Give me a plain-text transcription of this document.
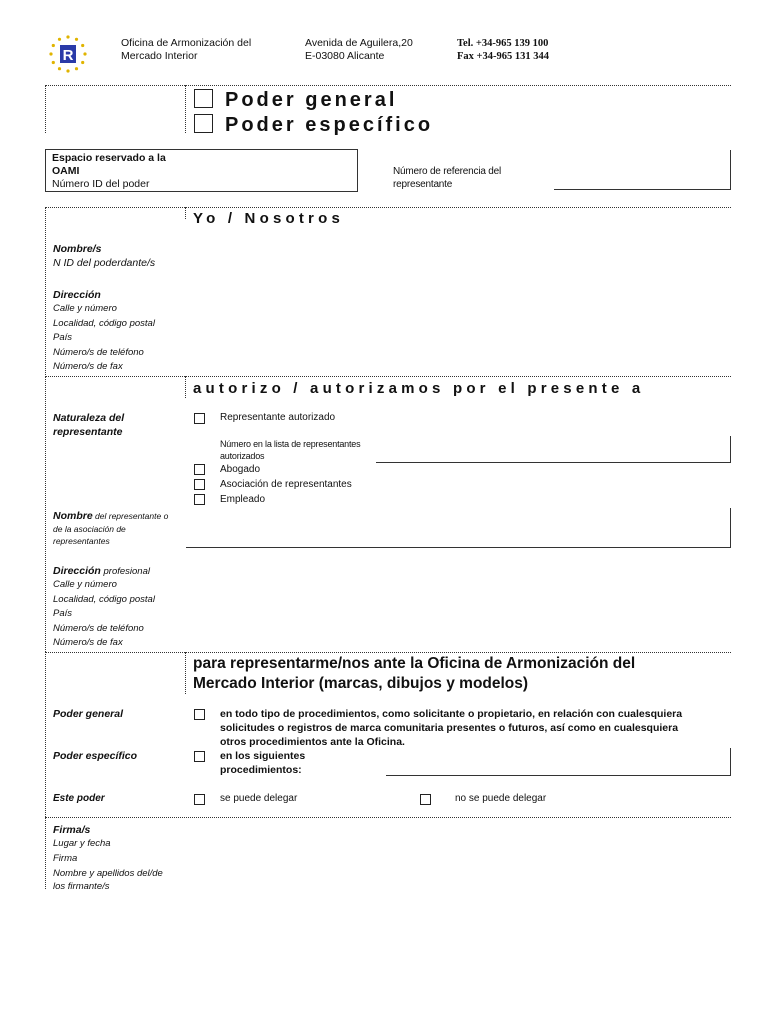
R
Oficina de Armonización del
Mercado Interior
Avenida de Aguilera,20
E-03080 Alicante
Tel. +34-965 139 100
Fax +34-965 131 344
Poder general
Poder específico
Espacio reservado a la
OAMI
Número ID del poder
Número de referencia del
representante
Yo / Nosotros
Nombre/s
N ID del poderdante/s
Dirección
Calle y número
Localidad, código postal
País
Número/s de teléfono
Número/s de fax
autorizo / autorizamos por el presente a
Naturaleza del
representante
Representante autorizado
Número en la lista de representantes
autorizados
Abogado
Asociación de representantes
Empleado
Nombre del representante o
de la asociación de
representantes
Dirección profesional
Calle y número
Localidad, código postal
País
Número/s de teléfono
Número/s de fax
para representarme/nos ante la Oficina de Armonización del
Mercado Interior (marcas, dibujos y modelos)
Poder general	en todo tipo de procedimientos, como solicitante o propietario, en relación con cualesquiera
solicitudes o registros de marca comunitaria presentes o futuros, así como en cualesquiera
otros procedimientos ante la Oficina.
Poder específico	en los siguientes
procedimientos:
Este poder	se puede delegar	no se puede delegar
Firma/s
Lugar y fecha
Firma
Nombre y apellidos del/de
los firmante/s
